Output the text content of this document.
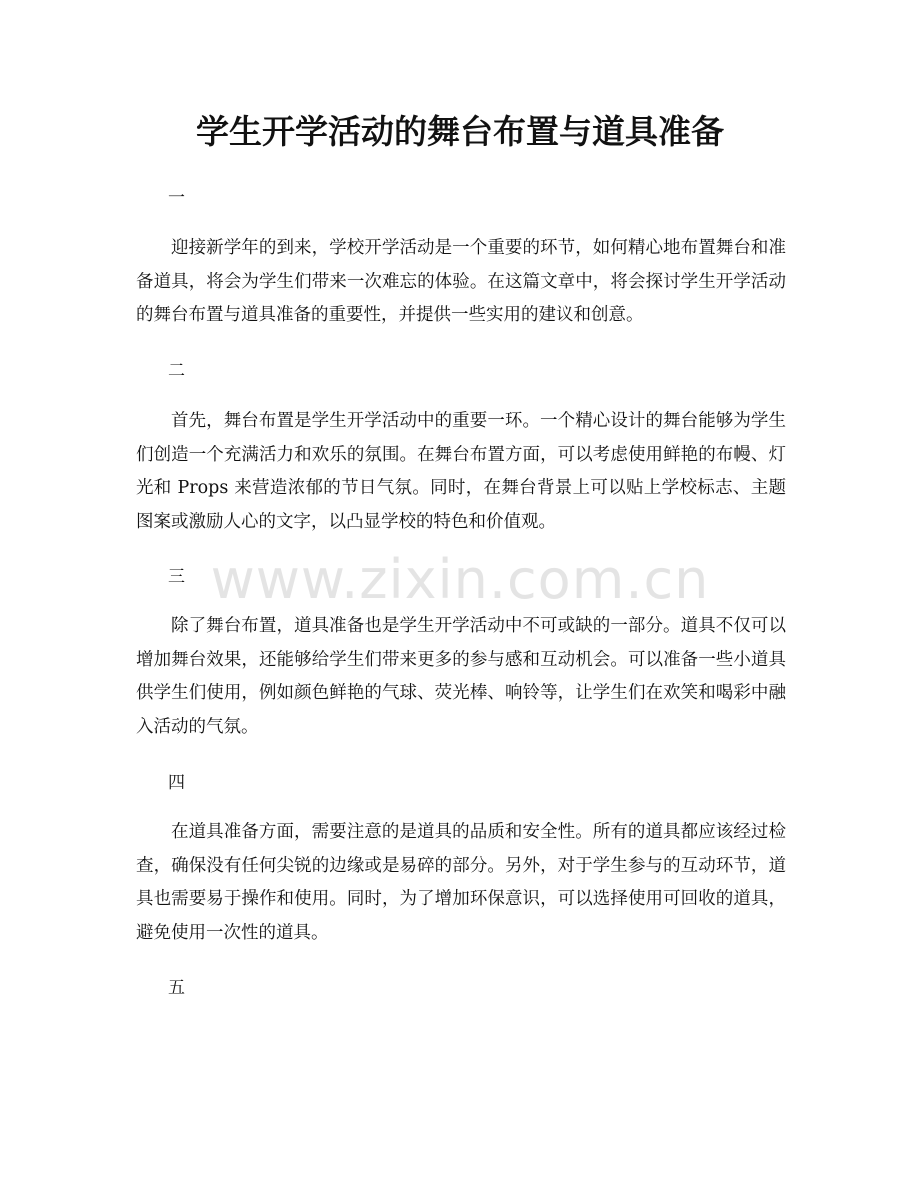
学生开学活动的舞台布置与道具准备
一

迎接新学年的到来，学校开学活动是一个重要的环节，如何精心地布置舞台和准备道具，将会为学生们带来一次难忘的体验。在这篇文章中，将会探讨学生开学活动的舞台布置与道具准备的重要性，并提供一些实用的建议和创意。

二

首先，舞台布置是学生开学活动中的重要一环。一个精心设计的舞台能够为学生们创造一个充满活力和欢乐的氛围。在舞台布置方面，可以考虑使用鲜艳的布幔、灯光和 Props 来营造浓郁的节日气氛。同时，在舞台背景上可以贴上学校标志、主题图案或激励人心的文字，以凸显学校的特色和价值观。

三

除了舞台布置，道具准备也是学生开学活动中不可或缺的一部分。道具不仅可以增加舞台效果，还能够给学生们带来更多的参与感和互动机会。可以准备一些小道具供学生们使用，例如颜色鲜艳的气球、荧光棒、响铃等，让学生们在欢笑和喝彩中融入活动的气氛。

四

在道具准备方面，需要注意的是道具的品质和安全性。所有的道具都应该经过检查，确保没有任何尖锐的边缘或是易碎的部分。另外，对于学生参与的互动环节，道具也需要易于操作和使用。同时，为了增加环保意识，可以选择使用可回收的道具，避免使用一次性的道具。

五
www.zixin.com.cn
